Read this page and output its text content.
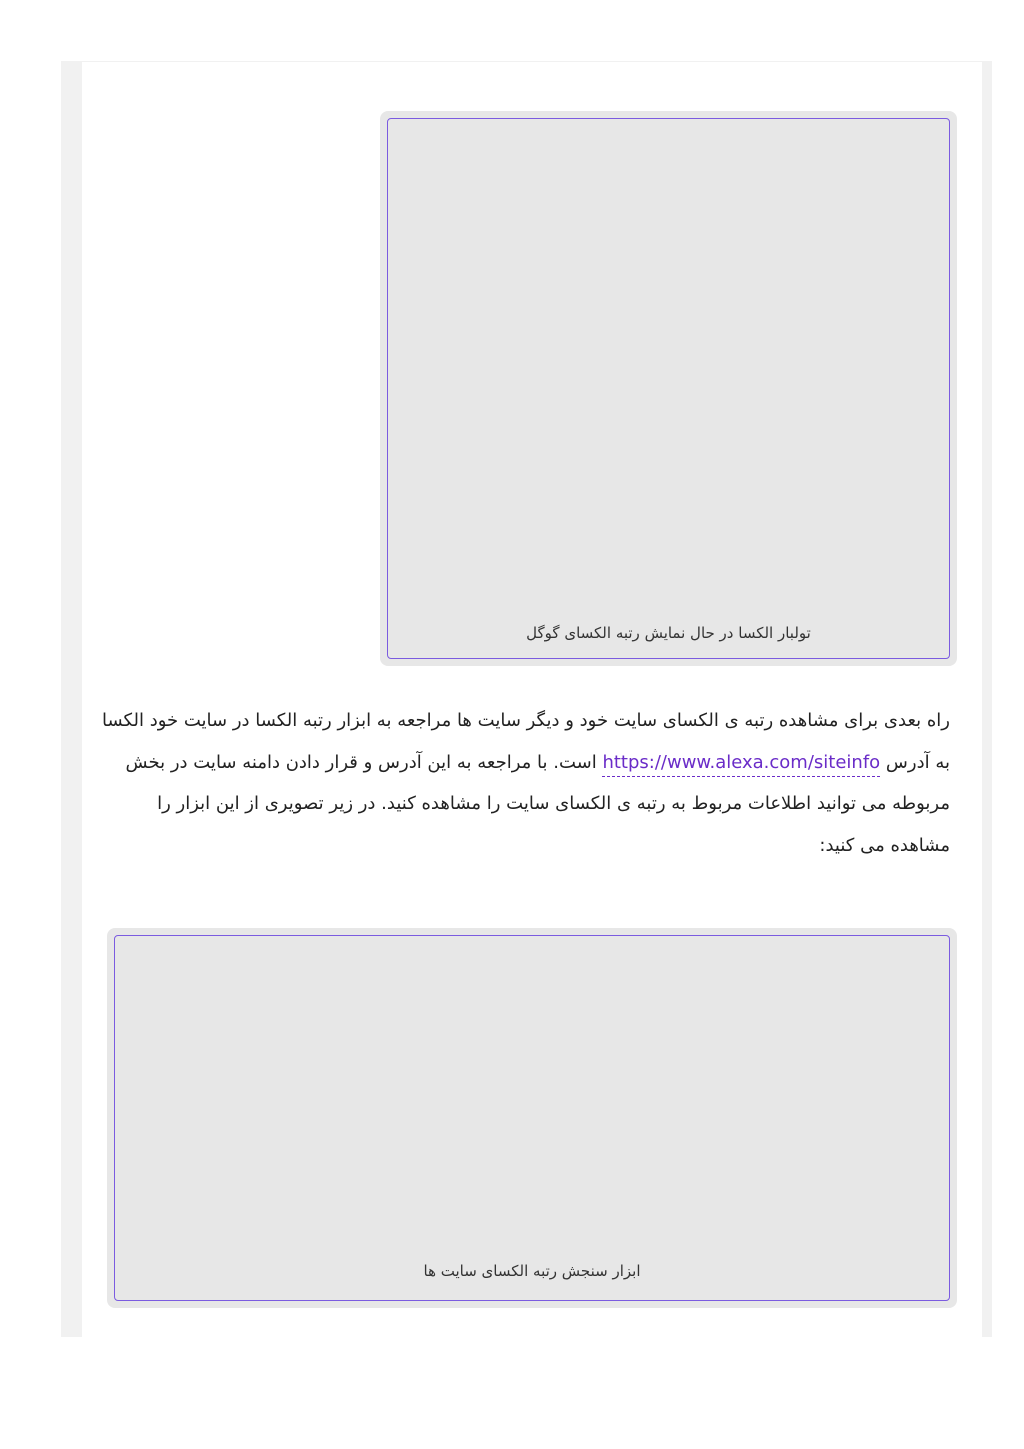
تولبار الکسا در حال نمایش رتبه الکسای گوگل
راه بعدی برای مشاهده رتبه ی الکسای سایت خود و دیگر سایت ها مراجعه به ابزار رتبه الکسا در سایت خود الکسا به آدرس https://www.alexa.com/siteinfo است. با مراجعه به این آدرس و قرار دادن دامنه سایت در بخش مربوطه می توانید اطلاعات مربوط به رتبه ی الکسای سایت را مشاهده کنید. در زیر تصویری از این ابزار را مشاهده می کنید:
ابزار سنجش رتبه الکسای سایت ها
